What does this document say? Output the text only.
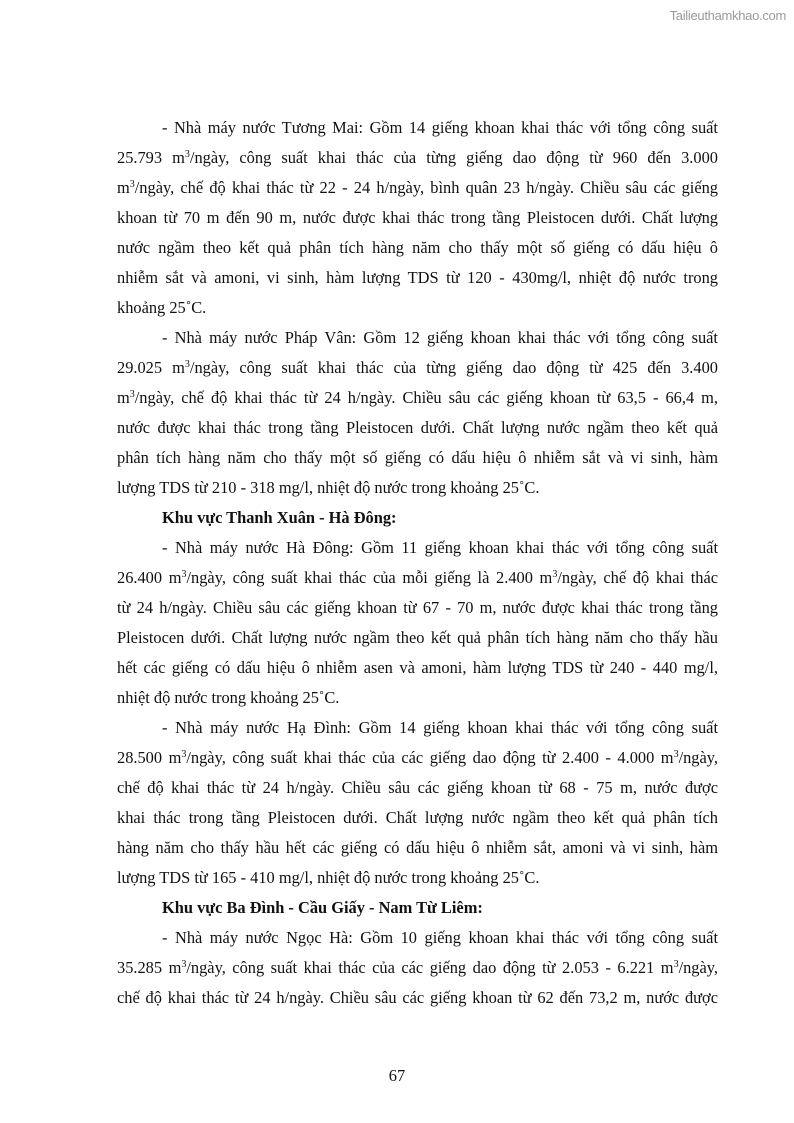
Tailieuthamkhao.com
- Nhà máy nước Tương Mai: Gồm 14 giếng khoan khai thác với tổng công suất
25.793 $m^3$/ngày, công suất khai thác của từng giếng dao động từ 960 đến 3.000
$m^3$/ngày, chế độ khai thác từ 22 - 24 h/ngày, bình quân 23 h/ngày. Chiều sâu các giếng
khoan từ 70 m đến 90 m, nước được khai thác trong tầng Pleistocen dưới. Chất lượng
nước ngầm theo kết quả phân tích hàng năm cho thấy một số giếng có dấu hiệu ô
nhiễm sắt và amoni, vi sinh, hàm lượng TDS từ 120 - 430mg/l, nhiệt độ nước trong
khoảng 25˚C.
- Nhà máy nước Pháp Vân: Gồm 12 giếng khoan khai thác với tổng công suất
29.025 $m^3$/ngày, công suất khai thác của từng giếng dao động từ 425 đến 3.400
$m^3$/ngày, chế độ khai thác từ 24 h/ngày. Chiều sâu các giếng khoan từ 63,5 - 66,4 m,
nước được khai thác trong tầng Pleistocen dưới. Chất lượng nước ngầm theo kết quả
phân tích hàng năm cho thấy một số giếng có dấu hiệu ô nhiễm sắt và vi sinh, hàm
lượng TDS từ 210 - 318 mg/l, nhiệt độ nước trong khoảng 25˚C.
Khu vực Thanh Xuân - Hà Đông:
- Nhà máy nước Hà Đông: Gồm 11 giếng khoan khai thác với tổng công suất
26.400 $m^3$/ngày, công suất khai thác của mỗi giếng là 2.400 $m^3$/ngày, chế độ khai thác
từ 24 h/ngày. Chiều sâu các giếng khoan từ 67 - 70 m, nước được khai thác trong tầng
Pleistocen dưới. Chất lượng nước ngầm theo kết quả phân tích hàng năm cho thấy hầu
hết các giếng có dấu hiệu ô nhiễm asen và amoni, hàm lượng TDS từ 240 - 440 mg/l,
nhiệt độ nước trong khoảng 25˚C.
- Nhà máy nước Hạ Đình: Gồm 14 giếng khoan khai thác với tổng công suất
28.500 $m^3$/ngày, công suất khai thác của các giếng dao động từ 2.400 - 4.000 $m^3$/ngày,
chế độ khai thác từ 24 h/ngày. Chiều sâu các giếng khoan từ 68 - 75 m, nước được
khai thác trong tầng Pleistocen dưới. Chất lượng nước ngầm theo kết quả phân tích
hàng năm cho thấy hầu hết các giếng có dấu hiệu ô nhiễm sắt, amoni và vi sinh, hàm
lượng TDS từ 165 - 410 mg/l, nhiệt độ nước trong khoảng 25˚C.
Khu vực Ba Đình - Cầu Giấy - Nam Từ Liêm:
- Nhà máy nước Ngọc Hà: Gồm 10 giếng khoan khai thác với tổng công suất
35.285 $m^3$/ngày, công suất khai thác của các giếng dao động từ 2.053 - 6.221 $m^3$/ngày,
chế độ khai thác từ 24 h/ngày. Chiều sâu các giếng khoan từ 62 đến 73,2 m, nước được
67
